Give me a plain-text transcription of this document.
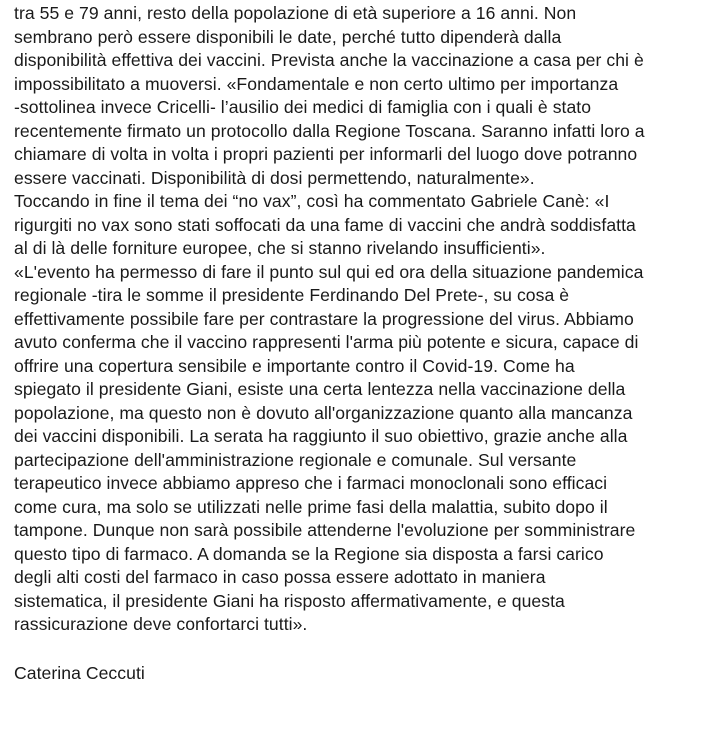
tra 55 e 79 anni, resto della popolazione di età superiore a 16 anni. Non
sembrano però essere disponibili le date, perché tutto dipenderà dalla
disponibilità effettiva dei vaccini. Prevista anche la vaccinazione a casa per chi è
impossibilitato a muoversi. «Fondamentale e non certo ultimo per importanza
-sottolinea invece Cricelli- l’ausilio dei medici di famiglia con i quali è stato
recentemente firmato un protocollo dalla Regione Toscana. Saranno infatti loro a
chiamare di volta in volta i propri pazienti per informarli del luogo dove potranno
essere vaccinati. Disponibilità di dosi permettendo, naturalmente».
Toccando in fine il tema dei “no vax”, così ha commentato Gabriele Canè: «I
rigurgiti no vax sono stati soffocati da una fame di vaccini che andrà soddisfatta
al di là delle forniture europee, che si stanno rivelando insufficienti».
«L'evento ha permesso di fare il punto sul qui ed ora della situazione pandemica
regionale -tira le somme il presidente Ferdinando Del Prete-, su cosa è
effettivamente possibile fare per contrastare la progressione del virus. Abbiamo
avuto conferma che il vaccino rappresenti l'arma più potente e sicura, capace di
offrire una copertura sensibile e importante contro il Covid-19. Come ha
spiegato il presidente Giani, esiste una certa lentezza nella vaccinazione della
popolazione, ma questo non è dovuto all'organizzazione quanto alla mancanza
dei vaccini disponibili. La serata ha raggiunto il suo obiettivo, grazie anche alla
partecipazione dell'amministrazione regionale e comunale. Sul versante
terapeutico invece abbiamo appreso che i farmaci monoclonali sono efficaci
come cura, ma solo se utilizzati nelle prime fasi della malattia, subito dopo il
tampone. Dunque non sarà possibile attenderne l'evoluzione per somministrare
questo tipo di farmaco. A domanda se la Regione sia disposta a farsi carico
degli alti costi del farmaco in caso possa essere adottato in maniera
sistematica, il presidente Giani ha risposto affermativamente, e questa
rassicurazione deve confortarci tutti».
Caterina Ceccuti
